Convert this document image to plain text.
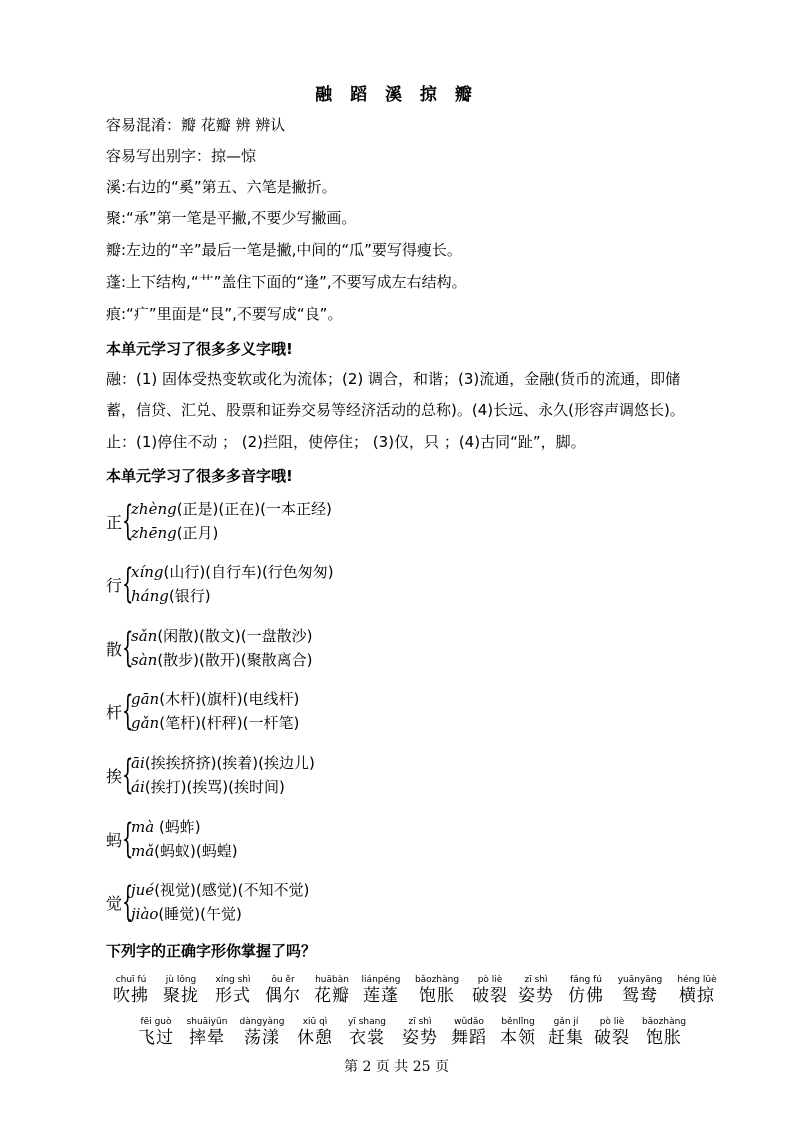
融 蹈 溪 掠 瓣
容易混淆：瓣 花瓣 辨 辨认
容易写出别字：掠—惊
溪:右边的“奚”第五、六笔是撇折。
聚:“承”第一笔是平撇,不要少写撇画。
瓣:左边的“辛”最后一笔是撇,中间的“瓜”要写得瘦长。
蓬:上下结构,“艹”盖住下面的“逢”,不要写成左右结构。
痕:“疒”里面是“艮”,不要写成“良”。
本单元学习了很多多义字哦!
融：(1) 固体受热变软或化为流体；(2) 调合，和谐；(3)流通，金融(货币的流通，即储
蓄，信贷、汇兑、股票和证券交易等经济活动的总称)。(4)长远、永久(形容声调悠长)。
止：(1)停住不动 ； (2)拦阻，使停住； (3)仅，只 ；(4)古同“趾”，脚。
本单元学习了很多多音字哦!
正 {
zhèng(正是)(正在)(一本正经)
zhēng(正月)
行 {
xíng(山行)(自行车)(行色匆匆)
háng(银行)
散 {
sǎn(闲散)(散文)(一盘散沙)
sàn(散步)(散开)(聚散离合)
杆 {
gān(木杆)(旗杆)(电线杆)
gǎn(笔杆)(杆秤)(一杆笔)
挨 {
āi(挨挨挤挤)(挨着)(挨边儿)
ái(挨打)(挨骂)(挨时间)
蚂 {
mà (蚂蚱)
mǎ(蚂蚁)(蚂蝗)
觉 {
jué(视觉)(感觉)(不知不觉)
jiào(睡觉)(午觉)
下列字的正确字形你掌握了吗？
chuī fú
吹拂
jù lǒng
聚拢
xíng shì
形式
ǒu ěr
偶尔
huābàn
花瓣
liánpéng
莲蓬
bǎozhàng
饱胀
pò liè
破裂
zī shì
姿势
fǎng fú
仿佛
yuānyāng
鸳鸯
héng lüè
横掠
fēi guò
飞过
shuāiyūn
摔晕
dàngyàng
荡漾
xiū qì
休憩
yī shang
衣裳
zī shì
姿势
wǔdǎo
舞蹈
běnlǐng
本领
gǎn jí
赶集
pò liè
破裂
bǎozhàng
饱胀
第 2 页 共 25 页
